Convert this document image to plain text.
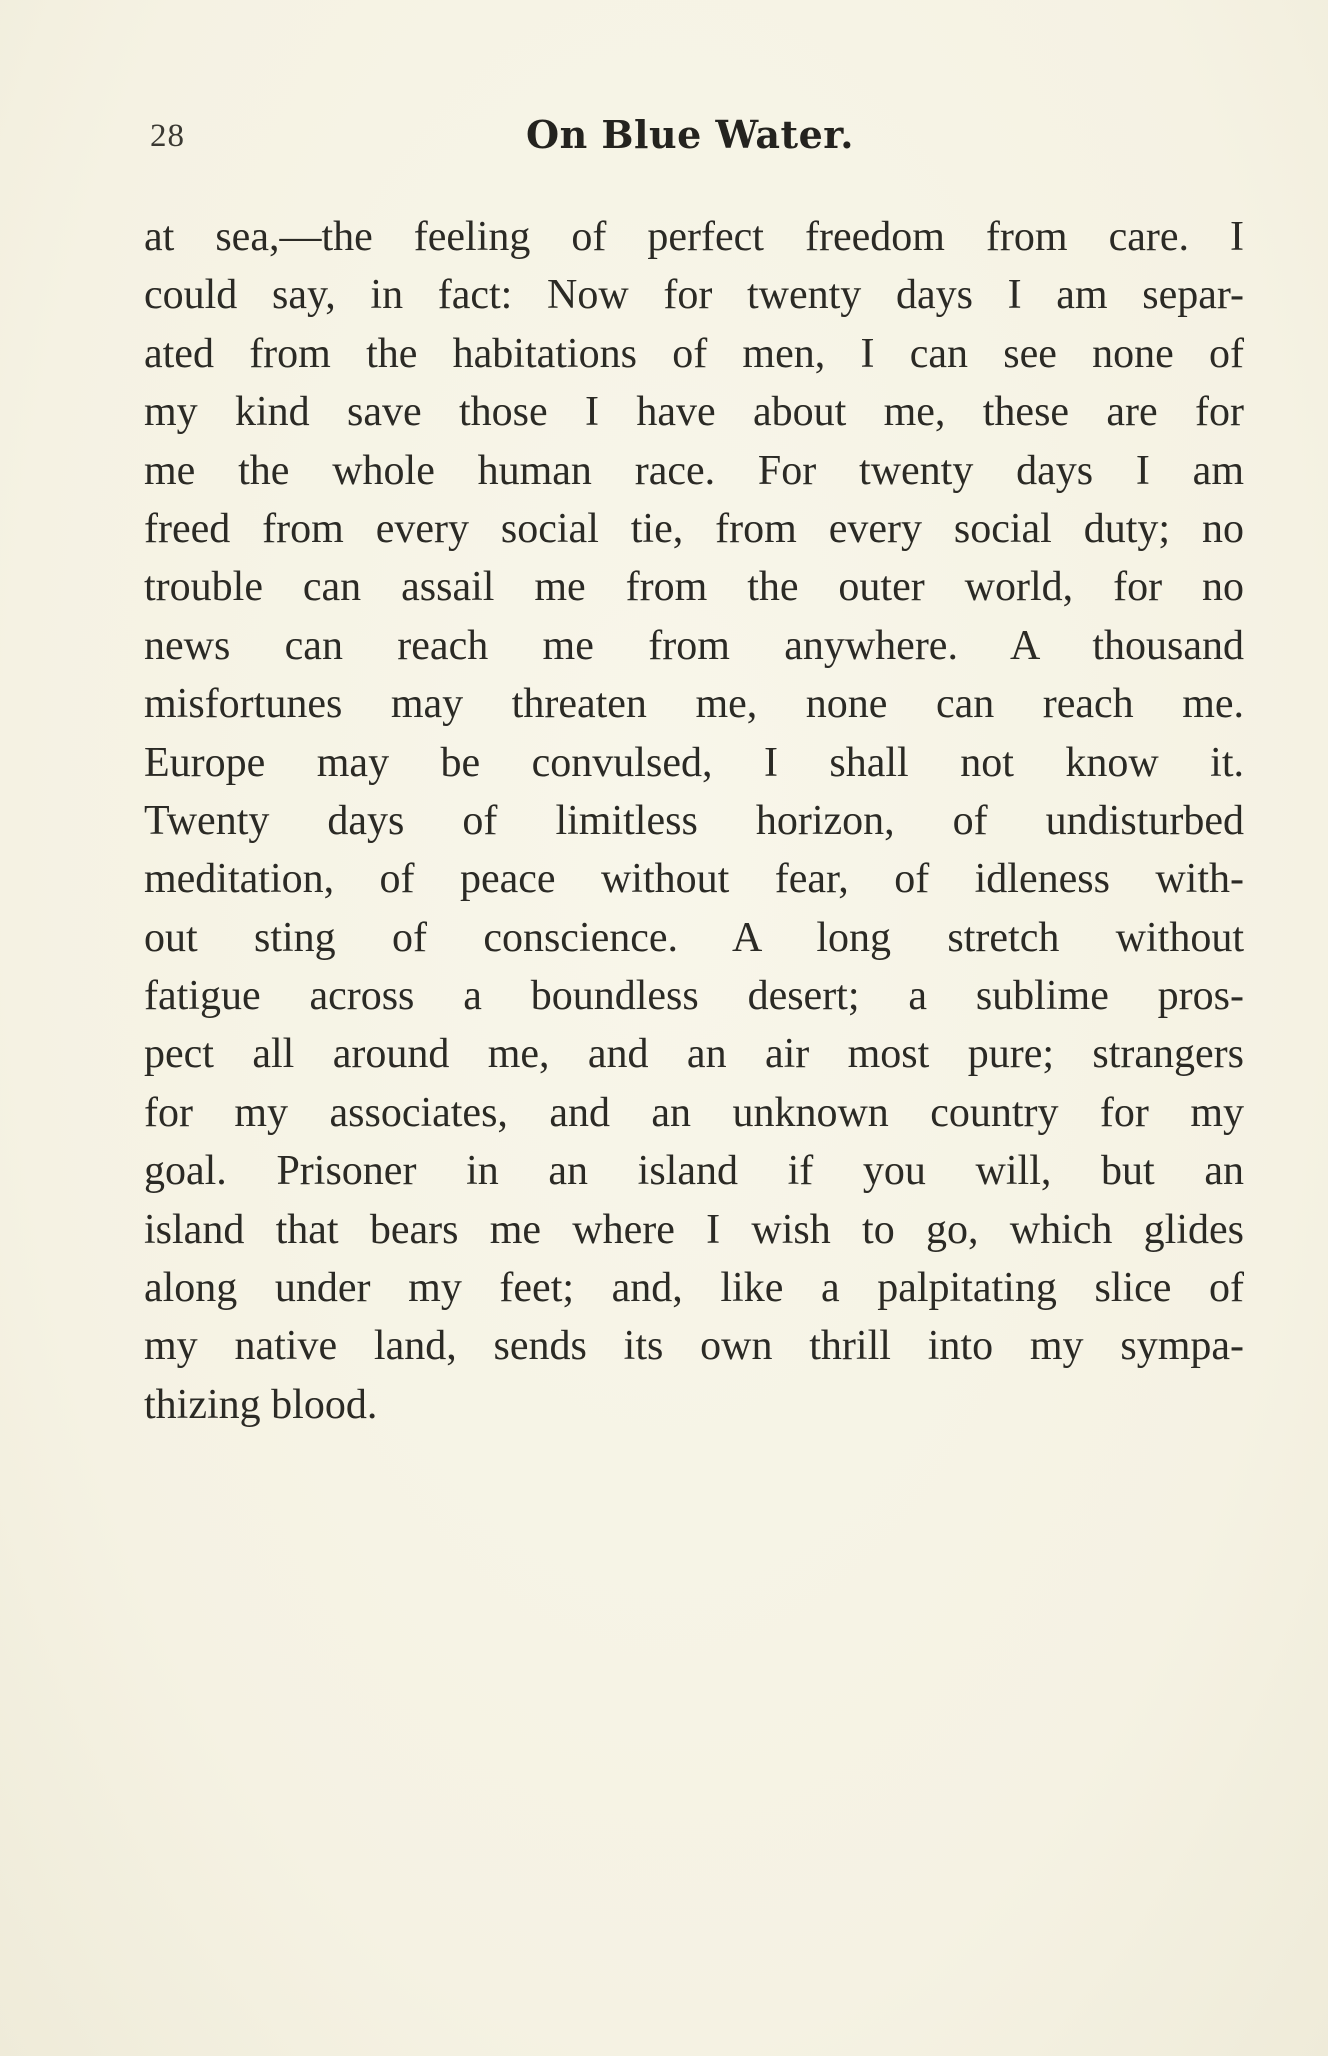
28	On Blue Water.
at sea,—the feeling of perfect freedom from care. I
could say, in fact: Now for twenty days I am separ-
ated from the habitations of men, I can see none of
my kind save those I have about me, these are for
me the whole human race. For twenty days I am
freed from every social tie, from every social duty; no
trouble can assail me from the outer world, for no
news can reach me from anywhere. A thousand
misfortunes may threaten me, none can reach me.
Europe may be convulsed, I shall not know it.
Twenty days of limitless horizon, of undisturbed
meditation, of peace without fear, of idleness with-
out sting of conscience. A long stretch without
fatigue across a boundless desert; a sublime pros-
pect all around me, and an air most pure; strangers
for my associates, and an unknown country for my
goal. Prisoner in an island if you will, but an
island that bears me where I wish to go, which glides
along under my feet; and, like a palpitating slice of
my native land, sends its own thrill into my sympa-
thizing blood.
